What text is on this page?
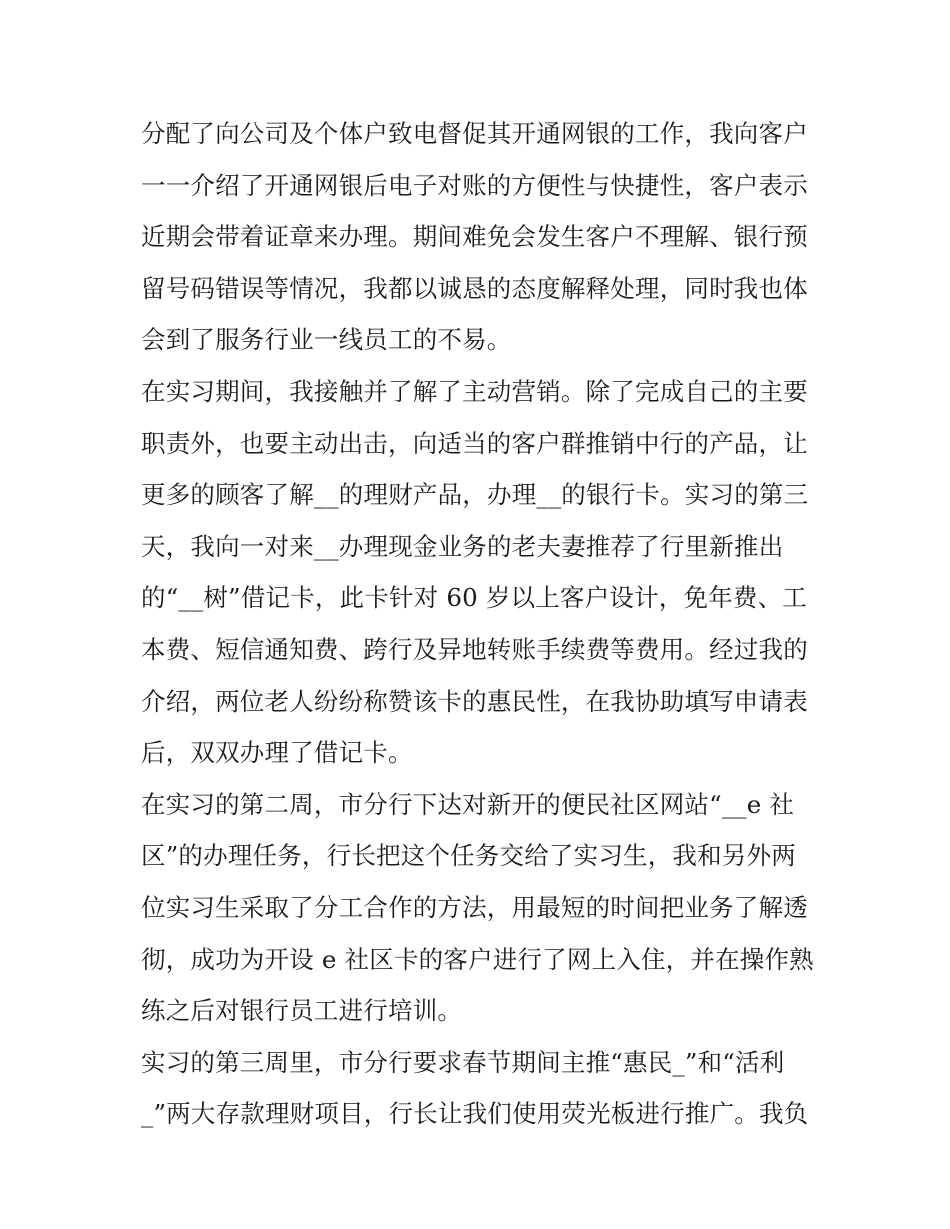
分配了向公司及个体户致电督促其开通网银的工作，我向客户
一一介绍了开通网银后电子对账的方便性与快捷性，客户表示
近期会带着证章来办理。期间难免会发生客户不理解、银行预
留号码错误等情况，我都以诚恳的态度解释处理，同时我也体
会到了服务行业一线员工的不易。
在实习期间，我接触并了解了主动营销。除了完成自己的主要
职责外，也要主动出击，向适当的客户群推销中行的产品，让
更多的顾客了解__的理财产品，办理__的银行卡。实习的第三
天，我向一对来__办理现金业务的老夫妻推荐了行里新推出
的“__树”借记卡，此卡针对 60 岁以上客户设计，免年费、工
本费、短信通知费、跨行及异地转账手续费等费用。经过我的
介绍，两位老人纷纷称赞该卡的惠民性，在我协助填写申请表
后，双双办理了借记卡。
在实习的第二周，市分行下达对新开的便民社区网站“__e 社
区”的办理任务，行长把这个任务交给了实习生，我和另外两
位实习生采取了分工合作的方法，用最短的时间把业务了解透
彻，成功为开设 e 社区卡的客户进行了网上入住，并在操作熟
练之后对银行员工进行培训。
实习的第三周里，市分行要求春节期间主推“惠民_”和“活利
_”两大存款理财项目，行长让我们使用荧光板进行推广。我负
